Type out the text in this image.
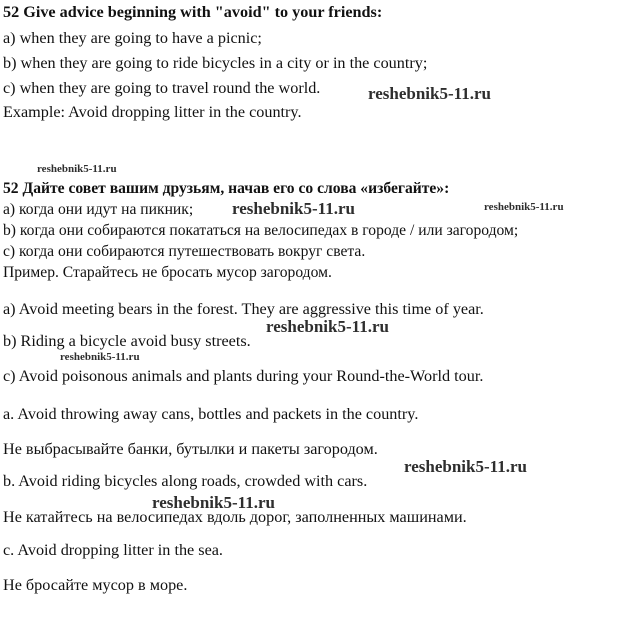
52 Give advice beginning with "avoid" to your friends:
a) when they are going to have a picnic;
b) when they are going to ride bicycles in a city or in the country;
c) when they are going to travel round the world.
Example: Avoid dropping litter in the country.
52 Дайте совет вашим друзьям, начав его со слова «избегайте»:
а) когда они идут на пикник;
b) когда они собираются покататься на велосипедах в городе / или загородом;
с) когда они собираются путешествовать вокруг света.
Пример. Старайтесь не бросать мусор загородом.
a) Avoid meeting bears in the forest. They are aggressive this time of year.
b) Riding a bicycle avoid busy streets.
c) Avoid poisonous animals and plants during your Round-the-World tour.
a. Avoid throwing away cans, bottles and packets in the country.
Не выбрасывайте банки, бутылки и пакеты загородом.
b. Avoid riding bicycles along roads, crowded with cars.
Не катайтесь на велосипедах вдоль дорог, заполненных машинами.
c. Avoid dropping litter in the sea.
Не бросайте мусор в море.
reshebnik5-11.ru
reshebnik5-11.ru
reshebnik5-11.ru	reshebnik5-11.ru
reshebnik5-11.ru
reshebnik5-11.ru
reshebnik5-11.ru
reshebnik5-11.ru
